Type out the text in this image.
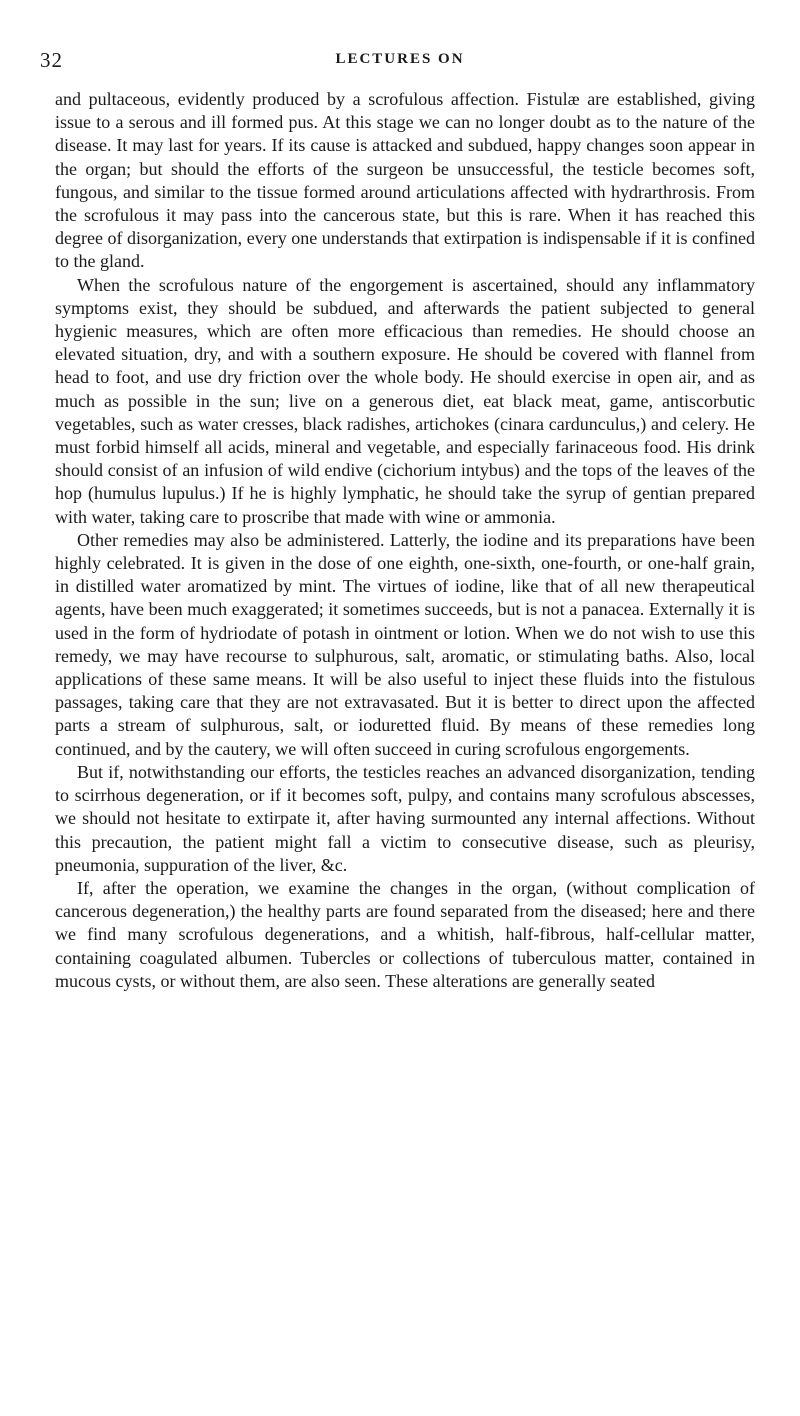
32	LECTURES ON

and pultaceous, evidently produced by a scrofulous affection. Fistulæ are established, giving issue to a serous and ill formed pus. At this stage we can no longer doubt as to the nature of the disease. It may last for years. If its cause is attacked and subdued, happy changes soon appear in the organ; but should the efforts of the surgeon be unsuccessful, the testicle becomes soft, fungous, and similar to the tissue formed around articulations affected with hydrarthrosis. From the scrofulous it may pass into the cancerous state, but this is rare. When it has reached this degree of disorganization, every one understands that extirpation is indispensable if it is confined to the gland.

When the scrofulous nature of the engorgement is ascertained, should any inflammatory symptoms exist, they should be subdued, and afterwards the patient subjected to general hygienic measures, which are often more efficacious than remedies. He should choose an elevated situation, dry, and with a southern exposure. He should be covered with flannel from head to foot, and use dry friction over the whole body. He should exercise in open air, and as much as possible in the sun; live on a generous diet, eat black meat, game, antiscorbutic vegetables, such as water cresses, black radishes, artichokes (cinara cardunculus,) and celery. He must forbid himself all acids, mineral and vegetable, and especially farinaceous food. His drink should consist of an infusion of wild endive (cichorium intybus) and the tops of the leaves of the hop (humulus lupulus.) If he is highly lymphatic, he should take the syrup of gentian prepared with water, taking care to proscribe that made with wine or ammonia.

Other remedies may also be administered. Latterly, the iodine and its preparations have been highly celebrated. It is given in the dose of one eighth, one-sixth, one-fourth, or one-half grain, in distilled water aromatized by mint. The virtues of iodine, like that of all new therapeutical agents, have been much exaggerated; it sometimes succeeds, but is not a panacea. Externally it is used in the form of hydriodate of potash in ointment or lotion. When we do not wish to use this remedy, we may have recourse to sulphurous, salt, aromatic, or stimulating baths. Also, local applications of these same means. It will be also useful to inject these fluids into the fistulous passages, taking care that they are not extravasated. But it is better to direct upon the affected parts a stream of sulphurous, salt, or ioduretted fluid. By means of these remedies long continued, and by the cautery, we will often succeed in curing scrofulous engorgements.

But if, notwithstanding our efforts, the testicles reaches an advanced disorganization, tending to scirrhous degeneration, or if it becomes soft, pulpy, and contains many scrofulous abscesses, we should not hesitate to extirpate it, after having surmounted any internal affections. Without this precaution, the patient might fall a victim to consecutive disease, such as pleurisy, pneumonia, suppuration of the liver, &c.

If, after the operation, we examine the changes in the organ, (without complication of cancerous degeneration,) the healthy parts are found separated from the diseased; here and there we find many scrofulous degenerations, and a whitish, half-fibrous, half-cellular matter, containing coagulated albumen. Tubercles or collections of tuberculous matter, contained in mucous cysts, or without them, are also seen. These alterations are generally seated
